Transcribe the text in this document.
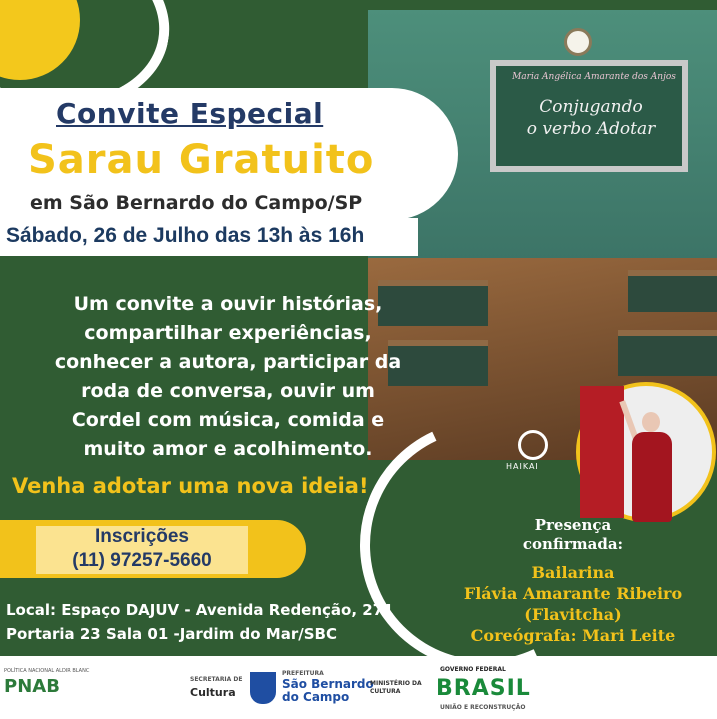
Maria Angélica Amarante dos Anjos
Conjugando
o verbo Adotar
HAIKAI
Convite Especial
Sarau Gratuito
em São Bernardo do Campo/SP
Sábado, 26 de Julho das 13h às 16h
Um convite a ouvir histórias,
compartilhar experiências,
conhecer a autora, participar da
roda de conversa, ouvir um
Cordel com música, comida e
muito amor e acolhimento.
Venha adotar uma nova ideia!
Inscrições
(11) 97257-5660
Local: Espaço DAJUV - Avenida Redenção, 271
Portaria 23 Sala 01 -Jardim do Mar/SBC
Presença
confirmada:
Bailarina
Flávia Amarante Ribeiro
(Flavitcha)
Coreógrafa: Mari Leite
POLÍTICA NACIONAL ALDIR BLANC
PNAB	SECRETARIA DE
Cultura
PREFEITURA
São Bernardo
do Campo
MINISTÉRIO DA
CULTURA
GOVERNO FEDERAL
BRASIL
UNIÃO E RECONSTRUÇÃO
